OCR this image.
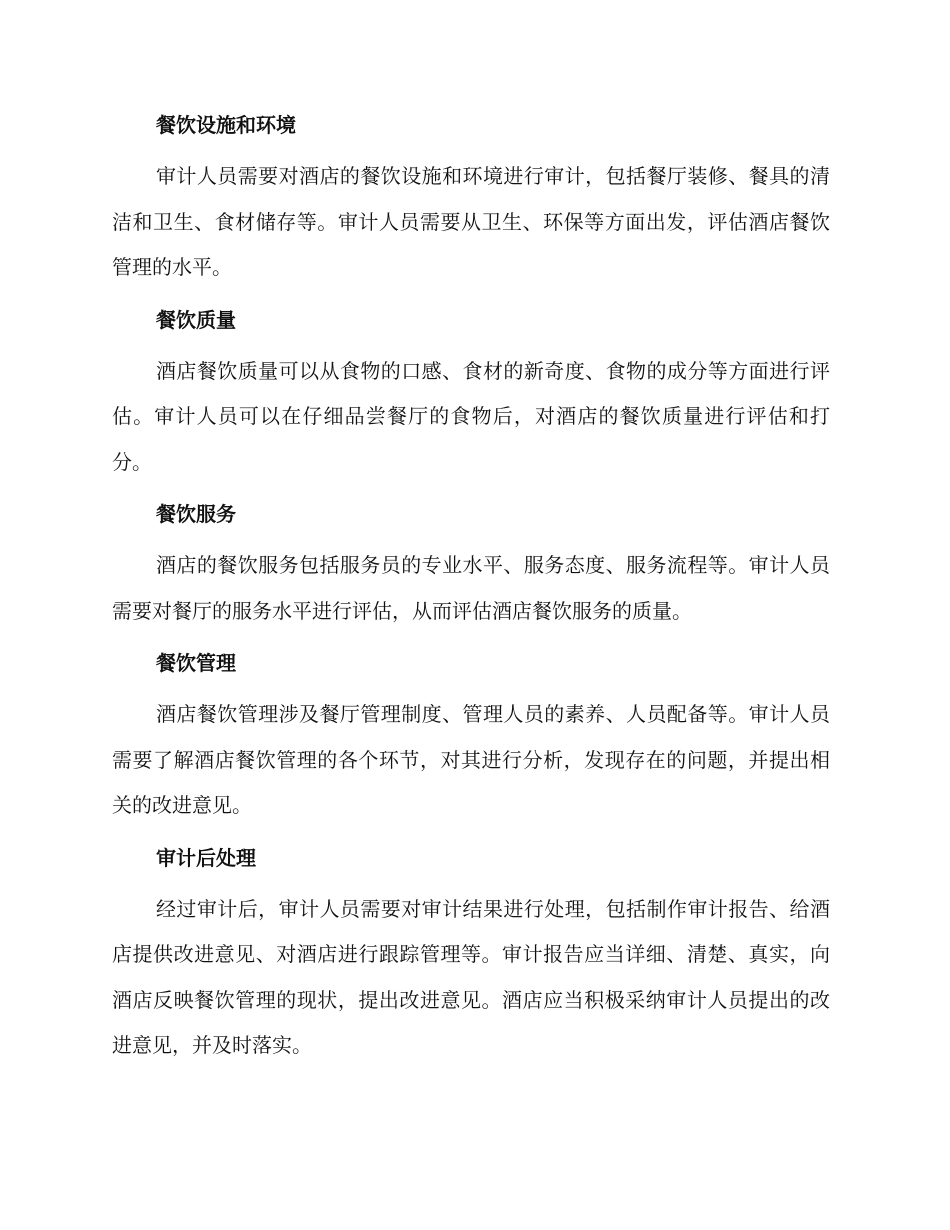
餐饮设施和环境

审计人员需要对酒店的餐饮设施和环境进行审计，包括餐厅装修、餐具的清洁和卫生、食材储存等。审计人员需要从卫生、环保等方面出发，评估酒店餐饮管理的水平。

餐饮质量

酒店餐饮质量可以从食物的口感、食材的新奇度、食物的成分等方面进行评估。审计人员可以在仔细品尝餐厅的食物后，对酒店的餐饮质量进行评估和打分。

餐饮服务

酒店的餐饮服务包括服务员的专业水平、服务态度、服务流程等。审计人员需要对餐厅的服务水平进行评估，从而评估酒店餐饮服务的质量。

餐饮管理

酒店餐饮管理涉及餐厅管理制度、管理人员的素养、人员配备等。审计人员需要了解酒店餐饮管理的各个环节，对其进行分析，发现存在的问题，并提出相关的改进意见。

审计后处理

经过审计后，审计人员需要对审计结果进行处理，包括制作审计报告、给酒店提供改进意见、对酒店进行跟踪管理等。审计报告应当详细、清楚、真实，向酒店反映餐饮管理的现状，提出改进意见。酒店应当积极采纳审计人员提出的改进意见，并及时落实。
